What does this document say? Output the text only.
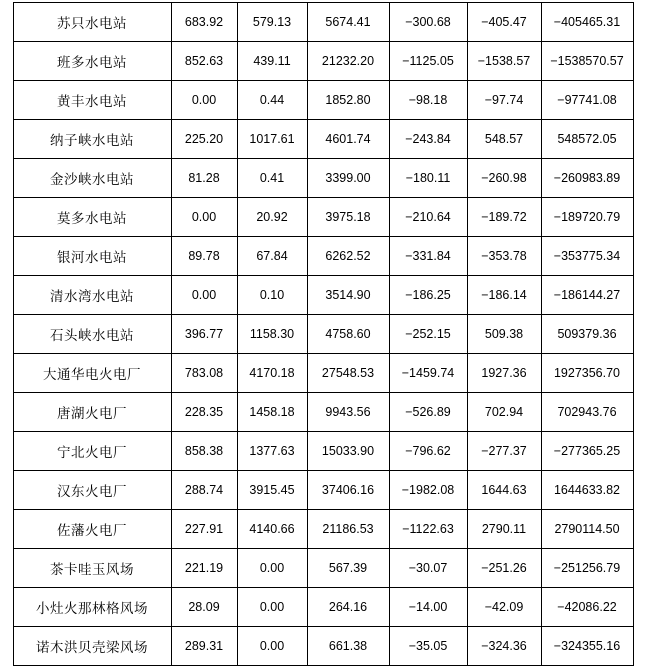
苏只水电站	683.92	579.13	5674.41	−300.68	−405.47	−405465.31
班多水电站	852.63	439.11	21232.20	−1125.05	−1538.57	−1538570.57
黄丰水电站	0.00	0.44	1852.80	−98.18	−97.74	−97741.08
纳子峡水电站	225.20	1017.61	4601.74	−243.84	548.57	548572.05
金沙峡水电站	81.28	0.41	3399.00	−180.11	−260.98	−260983.89
莫多水电站	0.00	20.92	3975.18	−210.64	−189.72	−189720.79
银河水电站	89.78	67.84	6262.52	−331.84	−353.78	−353775.34
清水湾水电站	0.00	0.10	3514.90	−186.25	−186.14	−186144.27
石头峡水电站	396.77	1158.30	4758.60	−252.15	509.38	509379.36
大通华电火电厂	783.08	4170.18	27548.53	−1459.74	1927.36	1927356.70
唐湖火电厂	228.35	1458.18	9943.56	−526.89	702.94	702943.76
宁北火电厂	858.38	1377.63	15033.90	−796.62	−277.37	−277365.25
汉东火电厂	288.74	3915.45	37406.16	−1982.08	1644.63	1644633.82
佐藩火电厂	227.91	4140.66	21186.53	−1122.63	2790.11	2790114.50
茶卡哇玉风场	221.19	0.00	567.39	−30.07	−251.26	−251256.79
小灶火那林格风场	28.09	0.00	264.16	−14.00	−42.09	−42086.22
诺木洪贝壳梁风场	289.31	0.00	661.38	−35.05	−324.36	−324355.16
